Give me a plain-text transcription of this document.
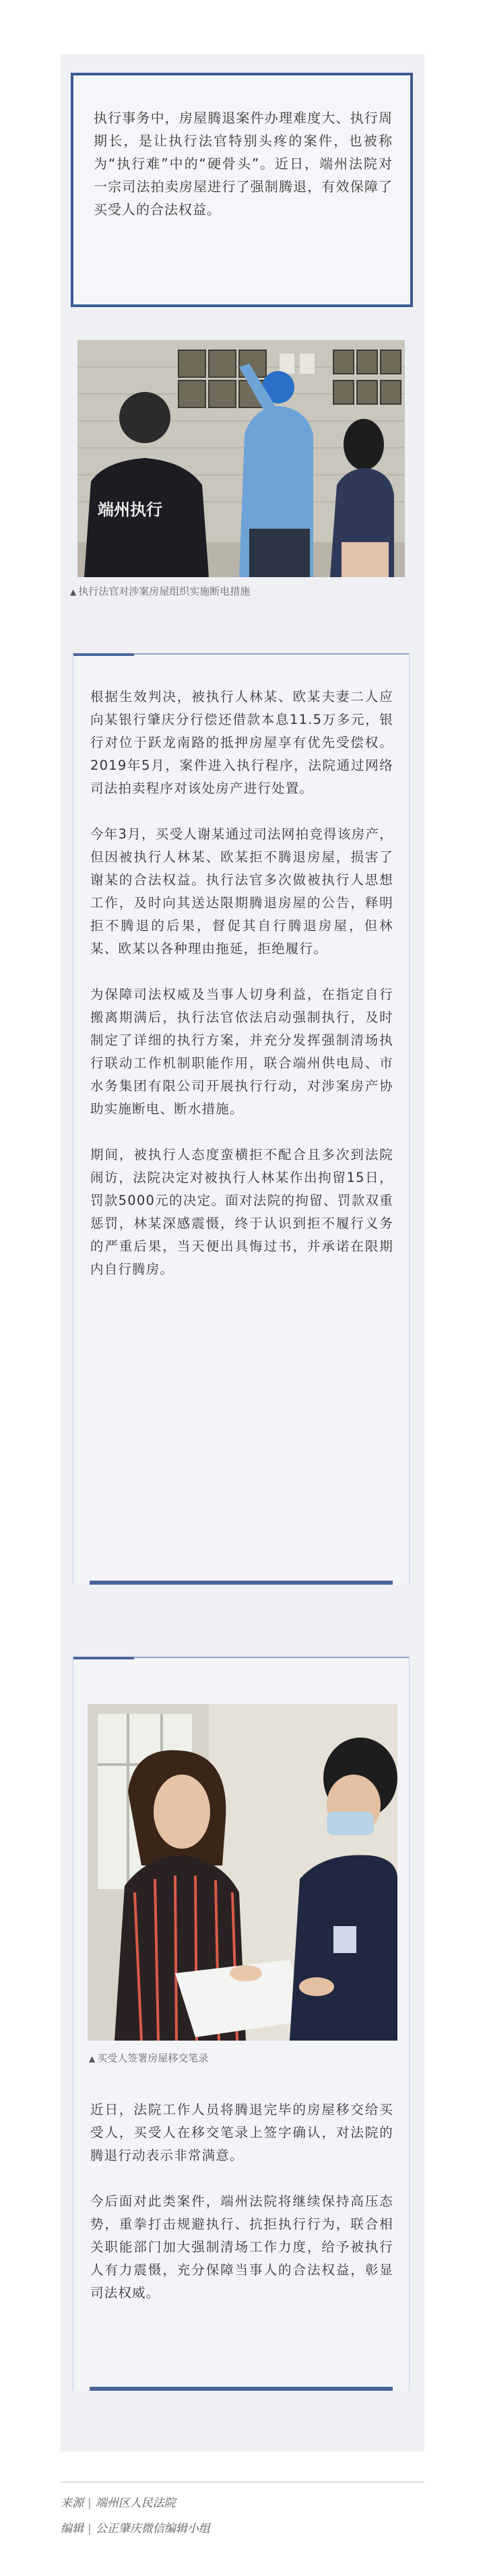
执行事务中，房屋腾退案件办理难度大、执行周期长，是让执行法官特别头疼的案件，也被称为“执行难”中的“硬骨头”。近日，端州法院对一宗司法拍卖房屋进行了强制腾退，有效保障了买受人的合法权益。

端州执行
▲ 执行法官对涉案房屋组织实施断电措施

根据生效判决，被执行人林某、欧某夫妻二人应向某银行肇庆分行偿还借款本息11.5万多元，银行对位于跃龙南路的抵押房屋享有优先受偿权。2019年5月，案件进入执行程序，法院通过网络司法拍卖程序对该处房产进行处置。

今年3月，买受人谢某通过司法网拍竞得该房产，但因被执行人林某、欧某拒不腾退房屋，损害了谢某的合法权益。执行法官多次做被执行人思想工作，及时向其送达限期腾退房屋的公告，释明拒不腾退的后果，督促其自行腾退房屋，但林某、欧某以各种理由拖延，拒绝履行。

为保障司法权威及当事人切身利益，在指定自行搬离期满后，执行法官依法启动强制执行，及时制定了详细的执行方案，并充分发挥强制清场执行联动工作机制职能作用，联合端州供电局、市水务集团有限公司开展执行行动，对涉案房产协助实施断电、断水措施。

期间，被执行人态度蛮横拒不配合且多次到法院闹访，法院决定对被执行人林某作出拘留15日，罚款5000元的决定。面对法院的拘留、罚款双重惩罚，林某深感震慑，终于认识到拒不履行义务的严重后果，当天便出具悔过书，并承诺在限期内自行腾房。

▲ 买受人签署房屋移交笔录

近日，法院工作人员将腾退完毕的房屋移交给买受人，买受人在移交笔录上签字确认，对法院的腾退行动表示非常满意。

今后面对此类案件，端州法院将继续保持高压态势，重拳打击规避执行、抗拒执行行为，联合相关职能部门加大强制清场工作力度，给予被执行人有力震慑，充分保障当事人的合法权益，彰显司法权威。

来源 | 端州区人民法院
编辑 | 公正肇庆微信编辑小组
